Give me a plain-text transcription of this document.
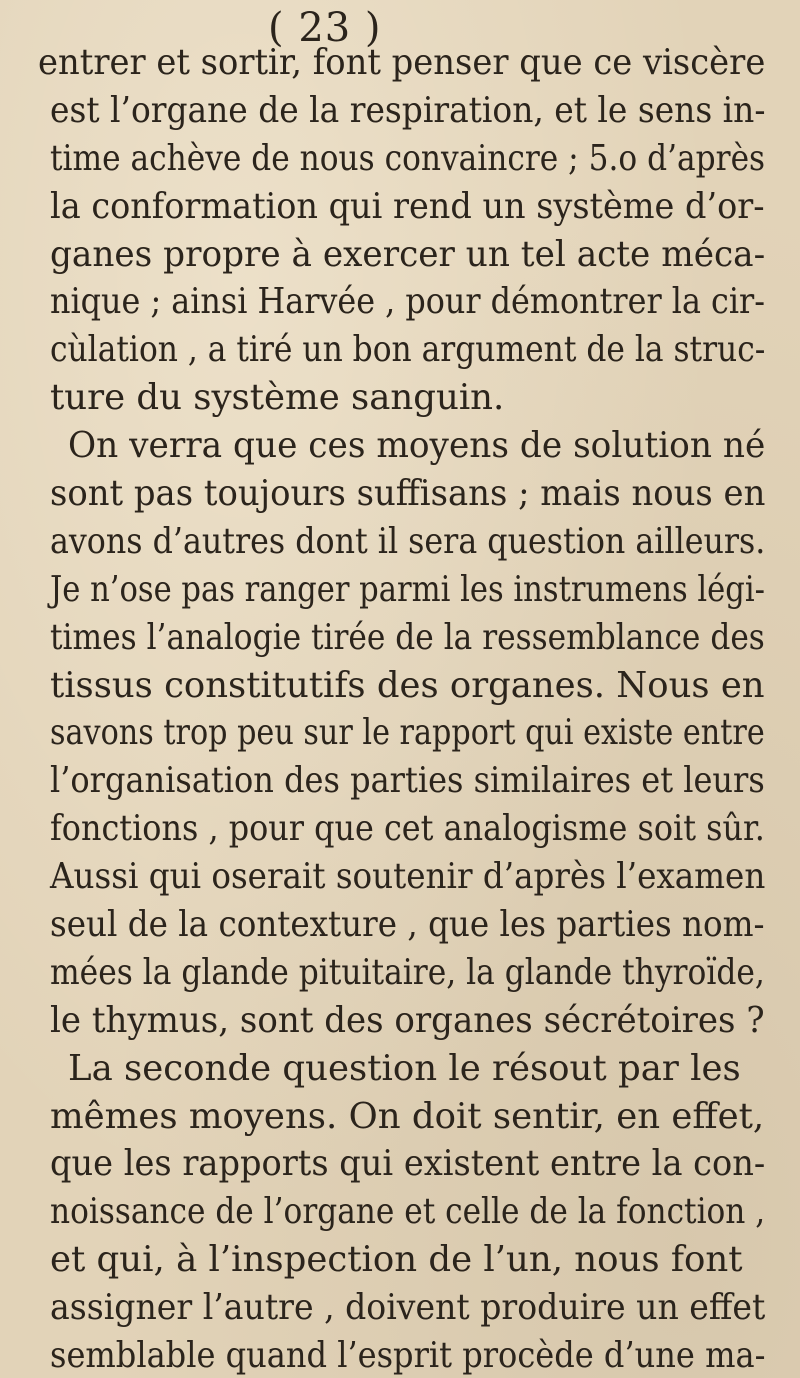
( 23 )
entrer et sortir, font penser que ce viscère
est l’organe de la respiration, et le sens in-
time achève de nous convaincre ; 5.o d’après
la conformation qui rend un système d’or-
ganes propre à exercer un tel acte méca-
nique ; ainsi Harvée , pour démontrer la cir-
cùlation , a tiré un bon argument de la struc-
ture du système sanguin.
On verra que ces moyens de solution né
sont pas toujours suffisans ; mais nous en
avons d’autres dont il sera question ailleurs.
Je n’ose pas ranger parmi les instrumens légi-
times l’analogie tirée de la ressemblance des
tissus constitutifs des organes. Nous en
savons trop peu sur le rapport qui existe entre
l’organisation des parties similaires et leurs
fonctions , pour que cet analogisme soit sûr.
Aussi qui oserait soutenir d’après l’examen
seul de la contexture , que les parties nom-
mées la glande pituitaire, la glande thyroïde,
le thymus, sont des organes sécrétoires ?
La seconde question le résout par les
mêmes moyens. On doit sentir, en effet,
que les rapports qui existent entre la con-
noissance de l’organe et celle de la fonction ,
et qui, à l’inspection de l’un, nous font
assigner l’autre , doivent produire un effet
semblable quand l’esprit procède d’une ma-
